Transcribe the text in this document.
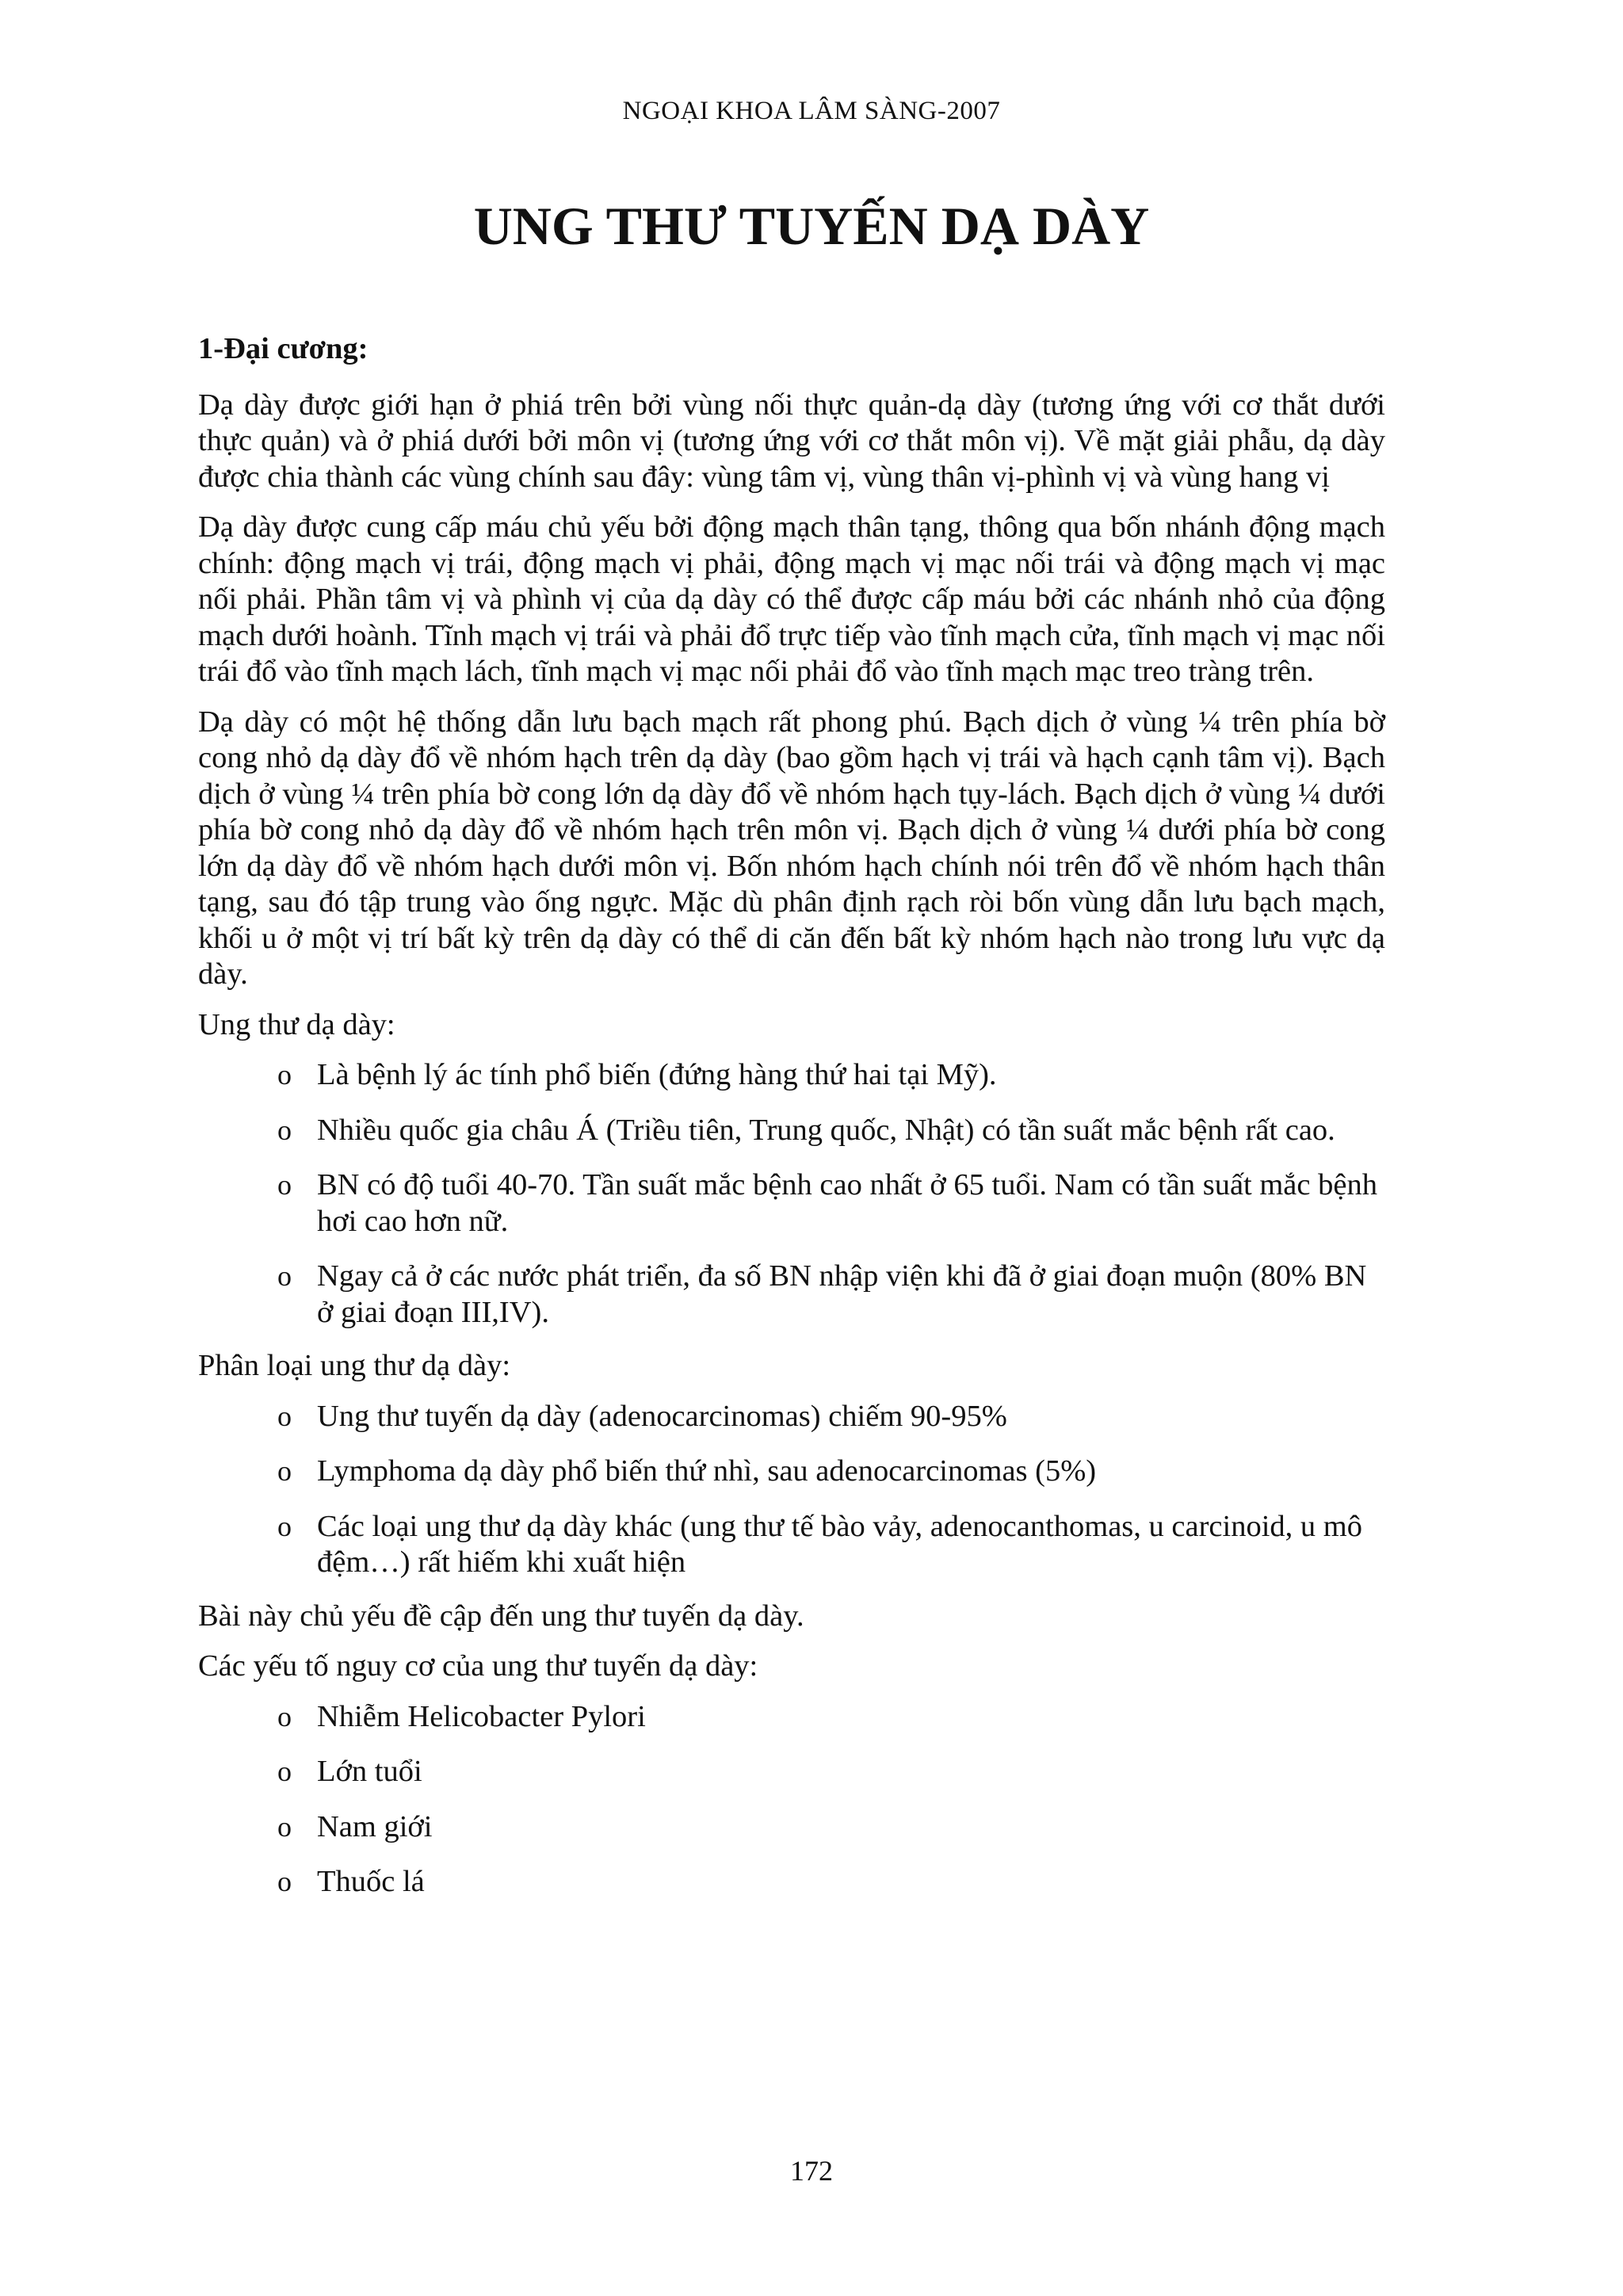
NGOẠI KHOA LÂM SÀNG-2007
UNG THƯ TUYẾN DẠ DÀY

1-Đại cương:

Dạ dày được giới hạn ở phiá trên bởi vùng nối thực quản-dạ dày (tương ứng với cơ thắt dưới thực quản) và ở phiá dưới bởi môn vị (tương ứng với cơ thắt môn vị). Về mặt giải phẫu, dạ dày được chia thành các vùng chính sau đây: vùng tâm vị, vùng thân vị-phình vị và vùng hang vị

Dạ dày được cung cấp máu chủ yếu bởi động mạch thân tạng, thông qua bốn nhánh động mạch chính: động mạch vị trái, động mạch vị phải, động mạch vị mạc nối trái và động mạch vị mạc nối phải. Phần tâm vị và phình vị của dạ dày có thể được cấp máu bởi các nhánh nhỏ của động mạch dưới hoành. Tĩnh mạch vị trái và phải đổ trực tiếp vào tĩnh mạch cửa, tĩnh mạch vị mạc nối trái đổ vào tĩnh mạch lách, tĩnh mạch vị mạc nối phải đổ vào tĩnh mạch mạc treo tràng trên.

Dạ dày có một hệ thống dẫn lưu bạch mạch rất phong phú. Bạch dịch ở vùng ¼ trên phía bờ cong nhỏ dạ dày đổ về nhóm hạch trên dạ dày (bao gồm hạch vị trái và hạch cạnh tâm vị). Bạch dịch ở vùng ¼ trên phía bờ cong lớn dạ dày đổ về nhóm hạch tụy-lách. Bạch dịch ở vùng ¼ dưới phía bờ cong nhỏ dạ dày đổ về nhóm hạch trên môn vị. Bạch dịch ở vùng ¼ dưới phía bờ cong lớn dạ dày đổ về nhóm hạch dưới môn vị. Bốn nhóm hạch chính nói trên đổ về nhóm hạch thân tạng, sau đó tập trung vào ống ngực. Mặc dù phân định rạch ròi bốn vùng dẫn lưu bạch mạch, khối u ở một vị trí bất kỳ trên dạ dày có thể di căn đến bất kỳ nhóm hạch nào trong lưu vực dạ dày.

Ung thư dạ dày:

o Là bệnh lý ác tính phổ biến (đứng hàng thứ hai tại Mỹ).
o Nhiều quốc gia châu Á (Triều tiên, Trung quốc, Nhật) có tần suất mắc bệnh rất cao.
o BN có độ tuổi 40-70. Tần suất mắc bệnh cao nhất ở 65 tuổi. Nam có tần suất mắc bệnh hơi cao hơn nữ.
o Ngay cả ở các nước phát triển, đa số BN nhập viện khi đã ở giai đoạn muộn (80% BN ở giai đoạn III,IV).

Phân loại ung thư dạ dày:

o Ung thư tuyến dạ dày (adenocarcinomas) chiếm 90-95%
o Lymphoma dạ dày phổ biến thứ nhì, sau adenocarcinomas (5%)
o Các loại ung thư dạ dày khác (ung thư tế bào vảy, adenocanthomas, u carcinoid, u mô đệm…) rất hiếm khi xuất hiện

Bài này chủ yếu đề cập đến ung thư tuyến dạ dày.

Các yếu tố nguy cơ của ung thư tuyến dạ dày:

o Nhiễm Helicobacter Pylori
o Lớn tuổi
o Nam giới
o Thuốc lá
172
